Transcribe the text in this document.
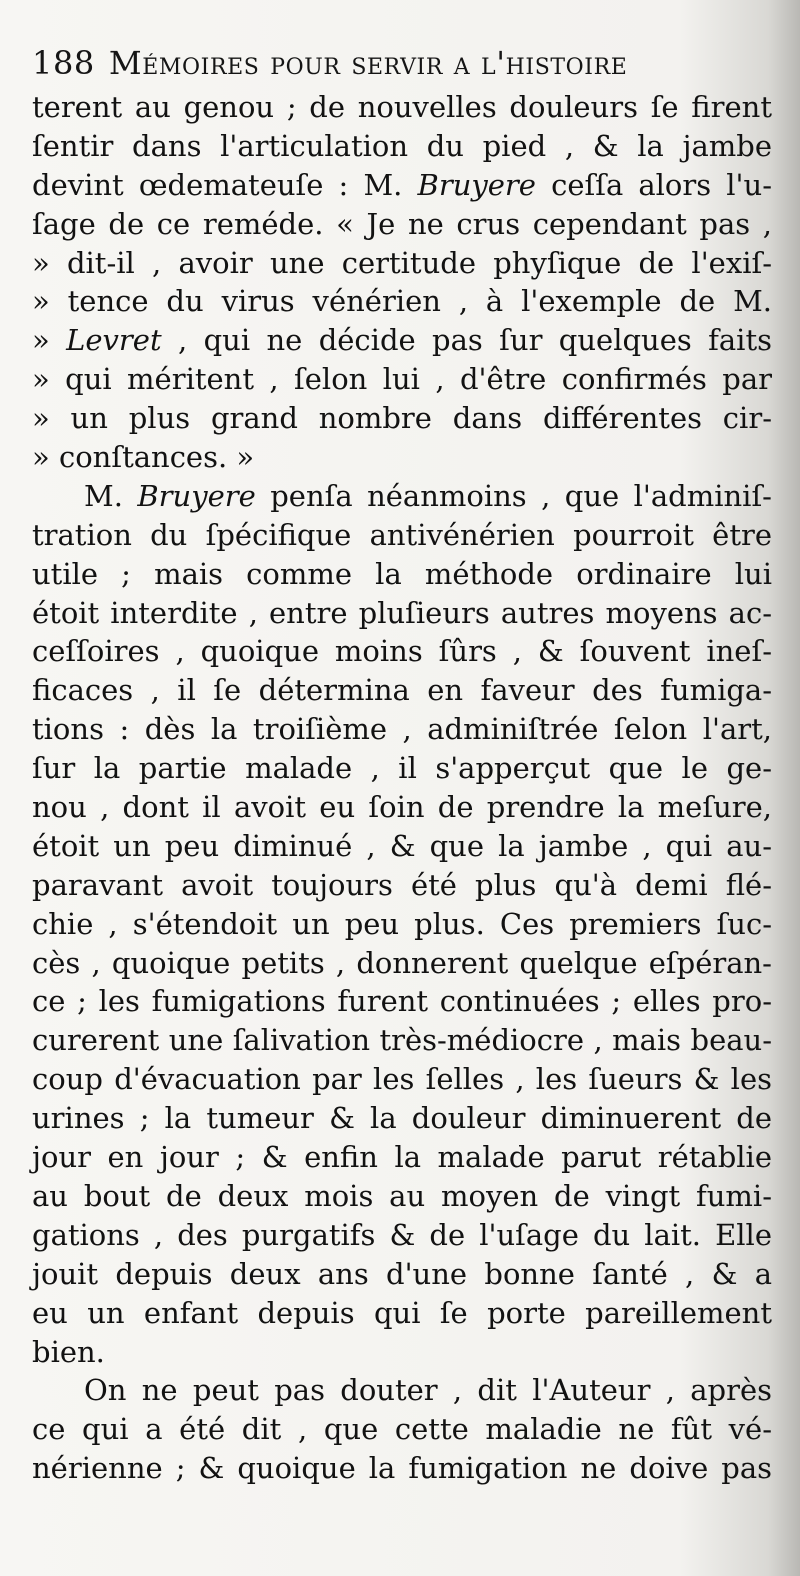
188 Mémoires pour servir a l'histoire
terent au genou ; de nouvelles douleurs ſe firent
ſentir dans l'articulation du pied , & la jambe
devint œdemateuſe : M. Bruyere ceſſa alors l'u-
ſage de ce reméde. « Je ne crus cependant pas ,
» dit-il , avoir une certitude phyſique de l'exiſ-
» tence du virus vénérien , à l'exemple de M.
» Levret , qui ne décide pas ſur quelques faits
» qui méritent , ſelon lui , d'être confirmés par
» un plus grand nombre dans différentes cir-
» conſtances. »
M. Bruyere penſa néanmoins , que l'adminiſ-
tration du ſpécifique antivénérien pourroit être
utile ; mais comme la méthode ordinaire lui
étoit interdite , entre pluſieurs autres moyens ac-
ceſſoires , quoique moins ſûrs , & ſouvent ineſ-
ficaces , il ſe détermina en faveur des fumiga-
tions : dès la troiſième , adminiſtrée ſelon l'art,
ſur la partie malade , il s'apperçut que le ge-
nou , dont il avoit eu ſoin de prendre la meſure,
étoit un peu diminué , & que la jambe , qui au-
paravant avoit toujours été plus qu'à demi flé-
chie , s'étendoit un peu plus. Ces premiers ſuc-
cès , quoique petits , donnerent quelque eſpéran-
ce ; les fumigations furent continuées ; elles pro-
curerent une ſalivation très-médiocre , mais beau-
coup d'évacuation par les ſelles , les ſueurs & les
urines ; la tumeur & la douleur diminuerent de
jour en jour ; & enfin la malade parut rétablie
au bout de deux mois au moyen de vingt fumi-
gations , des purgatifs & de l'uſage du lait. Elle
jouit depuis deux ans d'une bonne ſanté , & a
eu un enfant depuis qui ſe porte pareillement
bien.
On ne peut pas douter , dit l'Auteur , après
ce qui a été dit , que cette maladie ne fût vé-
nérienne ; & quoique la fumigation ne doive pas
